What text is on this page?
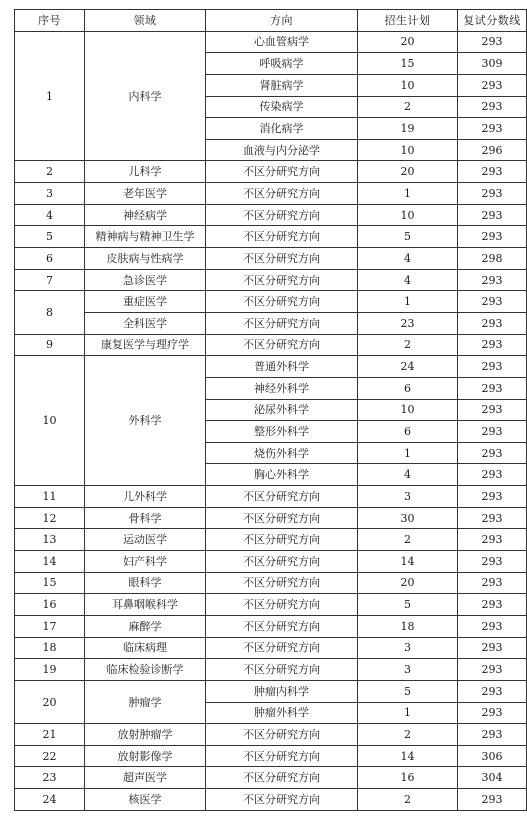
序号	领域	方向	招生计划	复试分数线
1	内科学	心血管病学	20	293
		呼吸病学	15	309
		肾脏病学	10	293
		传染病学	2	293
		消化病学	19	293
		血液与内分泌学	10	296
2	儿科学	不区分研究方向	20	293
3	老年医学	不区分研究方向	1	293
4	神经病学	不区分研究方向	10	293
5	精神病与精神卫生学	不区分研究方向	5	293
6	皮肤病与性病学	不区分研究方向	4	298
7	急诊医学	不区分研究方向	4	293
8	重症医学	不区分研究方向	1	293
	全科医学	不区分研究方向	23	293
9	康复医学与理疗学	不区分研究方向	2	293
10	外科学	普通外科学	24	293
		神经外科学	6	293
		泌尿外科学	10	293
		整形外科学	6	293
		烧伤外科学	1	293
		胸心外科学	4	293
11	儿外科学	不区分研究方向	3	293
12	骨科学	不区分研究方向	30	293
13	运动医学	不区分研究方向	2	293
14	妇产科学	不区分研究方向	14	293
15	眼科学	不区分研究方向	20	293
16	耳鼻咽喉科学	不区分研究方向	5	293
17	麻醉学	不区分研究方向	18	293
18	临床病理	不区分研究方向	3	293
19	临床检验诊断学	不区分研究方向	3	293
20	肿瘤学	肿瘤内科学	5	293
		肿瘤外科学	1	293
21	放射肿瘤学	不区分研究方向	2	293
22	放射影像学	不区分研究方向	14	306
23	超声医学	不区分研究方向	16	304
24	核医学	不区分研究方向	2	293
